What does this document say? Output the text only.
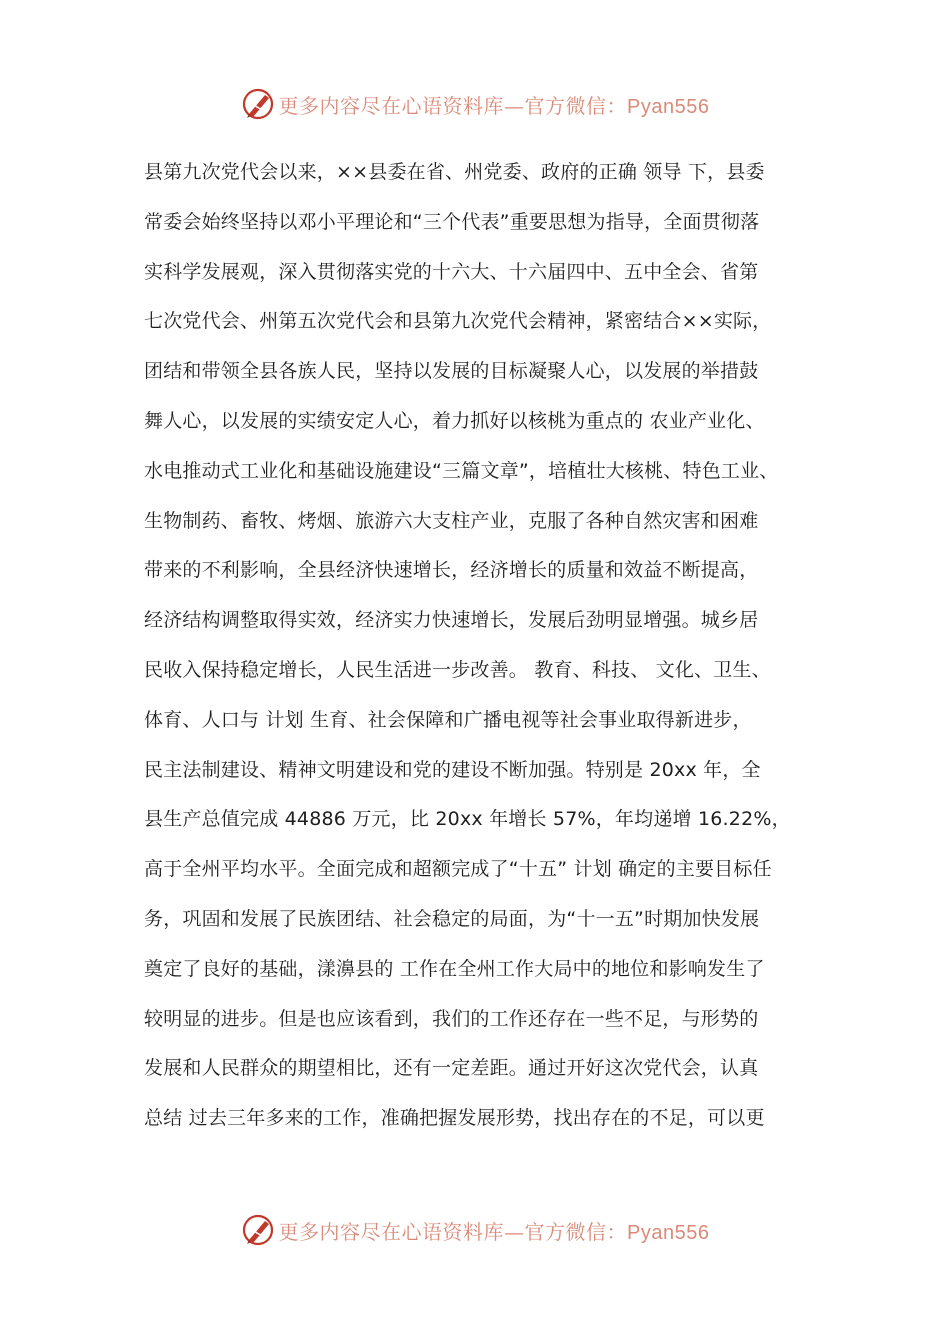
更多内容尽在心语资料库—官方微信：Pyan556
县第九次党代会以来，××县委在省、州党委、政府的正确 领导 下，县委
常委会始终坚持以邓小平理论和“三个代表”重要思想为指导，全面贯彻落
实科学发展观，深入贯彻落实党的十六大、十六届四中、五中全会、省第
七次党代会、州第五次党代会和县第九次党代会精神，紧密结合××实际，
团结和带领全县各族人民，坚持以发展的目标凝聚人心，以发展的举措鼓
舞人心，以发展的实绩安定人心，着力抓好以核桃为重点的 农业产业化、
水电推动式工业化和基础设施建设“三篇文章”，培植壮大核桃、特色工业、
生物制药、畜牧、烤烟、旅游六大支柱产业，克服了各种自然灾害和困难
带来的不利影响，全县经济快速增长，经济增长的质量和效益不断提高，
经济结构调整取得实效，经济实力快速增长，发展后劲明显增强。城乡居
民收入保持稳定增长，人民生活进一步改善。 教育、科技、 文化、卫生、
体育、人口与 计划 生育、社会保障和广播电视等社会事业取得新进步，
民主法制建设、精神文明建设和党的建设不断加强。特别是 20xx 年，全
县生产总值完成 44886 万元，比 20xx 年增长 57%，年均递增 16.22%，
高于全州平均水平。全面完成和超额完成了“十五” 计划 确定的主要目标任
务，巩固和发展了民族团结、社会稳定的局面，为“十一五”时期加快发展
奠定了良好的基础，漾濞县的 工作在全州工作大局中的地位和影响发生了
较明显的进步。但是也应该看到，我们的工作还存在一些不足，与形势的
发展和人民群众的期望相比，还有一定差距。通过开好这次党代会，认真
总结 过去三年多来的工作，准确把握发展形势，找出存在的不足，可以更
更多内容尽在心语资料库—官方微信：Pyan556
